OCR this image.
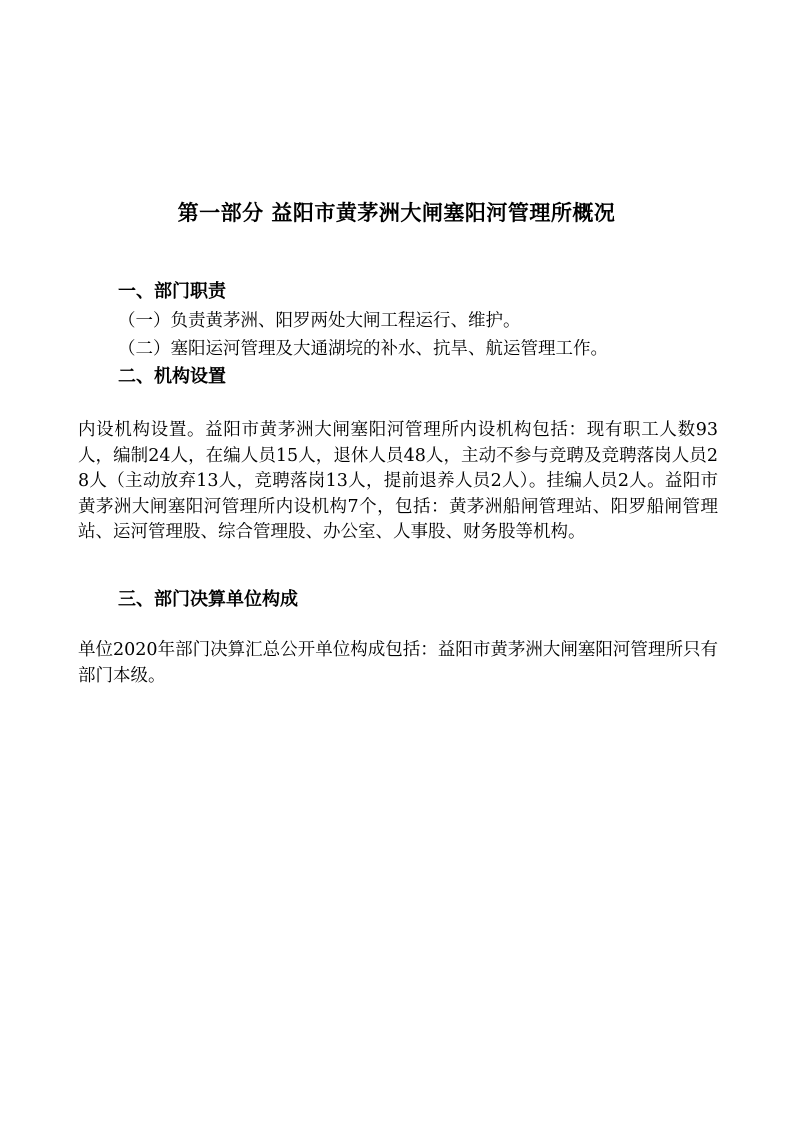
第一部分 益阳市黄茅洲大闸塞阳河管理所概况
一、部门职责
（一）负责黄茅洲、阳罗两处大闸工程运行、维护。
（二）塞阳运河管理及大通湖垸的补水、抗旱、航运管理工作。
二、机构设置
内设机构设置。益阳市黄茅洲大闸塞阳河管理所内设机构包括：现有职工人数93人，编制24人，在编人员15人，退休人员48人，主动不参与竞聘及竞聘落岗人员28人（主动放弃13人，竞聘落岗13人，提前退养人员2人）。挂编人员2人。益阳市黄茅洲大闸塞阳河管理所内设机构7个，包括：黄茅洲船闸管理站、阳罗船闸管理站、运河管理股、综合管理股、办公室、人事股、财务股等机构。
三、部门决算单位构成
单位2020年部门决算汇总公开单位构成包括：益阳市黄茅洲大闸塞阳河管理所只有部门本级。
